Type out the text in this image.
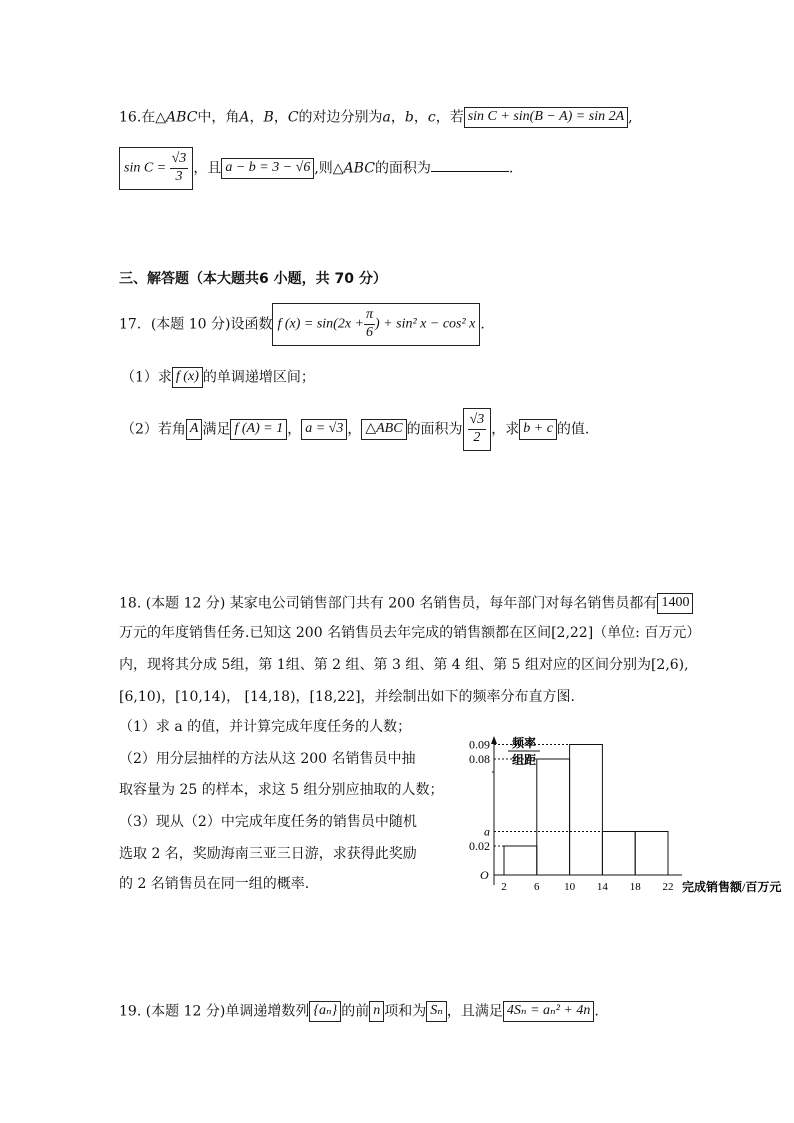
16.在△ABC中，角A，B，C的对边分别为a，b，c，若 sin C + sin(B − A) = sin 2A ,
$\sin C = \frac{√3}{3}$ ，且 a − b = 3 − √6 ,则△ABC的面积为	.
三、解答题（本大题共6 小题，共 70 分）
17．(本题 10 分)设函数 f $(x) = \sin(2x + \frac{\pi}{6}$ ) + sin² x − cos² x .
（1）求 f (x) 的单调递增区间；
（2）若角 A 满足 f (A) = 1 ， a = √3 ， △ABC 的面积为 $\frac{√3}{2}$ ，求 b + c 的值.
18. (本题 12 分) 某家电公司销售部门共有 200 名销售员，每年部门对每名销售员都有 1400
万元的年度销售任务.已知这 200 名销售员去年完成的销售额都在区间[2,22]（单位: 百万元）
内，现将其分成 5组，第 1组、第 2 组、第 3 组、第 4 组、第 5 组对应的区间分别为[2,6),
[6,10)，[10,14)， [14,18)，[18,22]，并绘制出如下的频率分布直方图.
（1）求 a 的值，并计算完成年度任务的人数；
（2）用分层抽样的方法从这 200 名销售员中抽
取容量为 25 的样本，求这 5 组分别应抽取的人数；
（3）现从（2）中完成年度任务的销售员中随机
选取 2 名，奖励海南三亚三日游，求获得此奖励
的 2 名销售员在同一组的概率.
频率
组距
0.09
0.08
a
0.02
2 6 10 14 18 22
O
完成销售额/百万元
19. (本题 12 分)单调递增数列 {aₙ} 的前 n 项和为 Sₙ ，且满足 4Sₙ = aₙ² + 4n .
